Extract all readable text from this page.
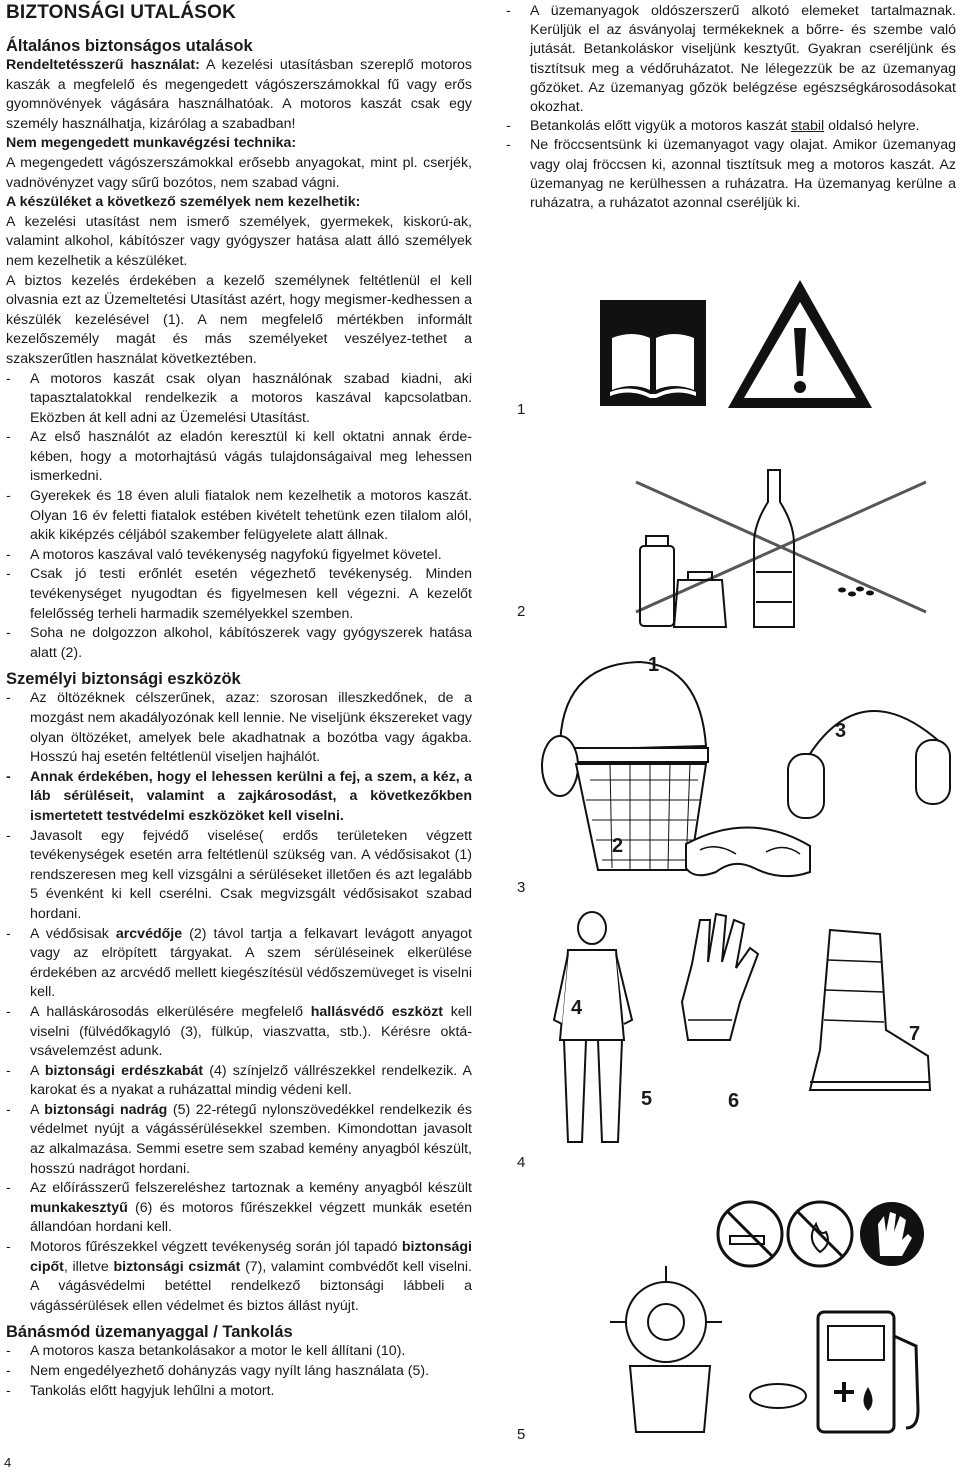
BIZTONSÁGI UTALÁSOK
Általános biztonságos utalások

Rendeltetésszerű használat: A kezelési utasításban szereplő motoros kaszák a megfelelő és megengedett vágószerszámokkal fű vagy erős gyomnövények vágására használhatóak. A motoros kaszát csak egy személy használhatja, kizárólag a szabadban!

Nem megengedett munkavégzési technika:

A megengedett vágószerszámokkal erősebb anyagokat, mint pl. cserjék, vadnövényzet vagy sűrű bozótos, nem szabad vágni.

A készüléket a következő személyek nem kezelhetik:

A kezelési utasítást nem ismerő személyek, gyermekek, kiskorú-ak, valamint alkohol, kábítószer vagy gyógyszer hatása alatt álló személyek nem kezelhetik a készüléket.

A biztos kezelés érdekében a kezelő személynek feltétlenül el kell olvasnia ezt az Üzemeltetési Utasítást azért, hogy megismer-kedhessen a készülék kezelésével (1). A nem megfelelő mértékben informált kezelőszemély magát és más személyeket veszélyez-tethet a szakszerűtlen használat következtében.

- A motoros kaszát csak olyan használónak szabad kiadni, aki tapasztalatokkal rendelkezik a motoros kaszával kapcsolatban. Eközben át kell adni az Üzemelési Utasítást.
- Az első használót az eladón keresztül ki kell oktatni annak érde-kében, hogy a motorhajtású vágás tulajdonságaival meg lehessen ismerkedni.
- Gyerekek és 18 éven aluli fiatalok nem kezelhetik a motoros kaszát. Olyan 16 év feletti fiatalok estében kivételt tehetünk ezen tilalom alól, akik kiképzés céljából szakember felügyelete alatt állnak.
- A motoros kaszával való tevékenység nagyfokú figyelmet követel.
- Csak jó testi erőnlét esetén végezhető tevékenység. Minden tevékenységet nyugodtan és figyelmesen kell végezni. A kezelőt felelősség terheli harmadik személyekkel szemben.
- Soha ne dolgozzon alkohol, kábítószerek vagy gyógyszerek hatása alatt (2).
Személyi biztonsági eszközök
- Az öltözéknek célszerűnek, azaz: szorosan illeszkedőnek, de a mozgást nem akadályozónak kell lennie. Ne viseljünk ékszereket vagy olyan öltözéket, amelyek bele akadhatnak a bozótba vagy ágakba. Hosszú haj esetén feltétlenül viseljen hajhálót.
- Annak érdekében, hogy el lehessen kerülni a fej, a szem, a kéz, a láb sérüléseit, valamint a zajkárosodást, a következőkben ismertetett testvédelmi eszközöket kell viselni.
- Javasolt egy fejvédő viselése( erdős területeken végzett tevékenységek esetén arra feltétlenül szükség van. A védősisakot (1) rendszeresen meg kell vizsgálni a sérüléseket illetően és azt legalább 5 évenként ki kell cserélni. Csak megvizsgált védősisakot szabad hordani.
- A védősisak arcvédője (2) távol tartja a felkavart levágott anyagot vagy az elröpített tárgyakat. A szem sérüléseinek elkerülése érdekében az arcvédő mellett kiegészítésül védőszemüveget is viselni kell.
- A halláskárosodás elkerülésére megfelelő hallásvédő eszközt kell viselni (fülvédőkagyló (3), fülkúp, viaszvatta, stb.). Kérésre oktá-vsávelemzést adunk.
- A biztonsági erdészkabát (4) színjelző vállrészekkel rendelkezik. A karokat és a nyakat a ruházattal mindig védeni kell.
- A biztonsági nadrág (5) 22-rétegű nylonszövedékkel rendelkezik és védelmet nyújt a vágássérülésekkel szemben. Kimondottan javasolt az alkalmazása. Semmi esetre sem szabad kemény anyagból készült, hosszú nadrágot hordani.
- Az előírásszerű felszereléshez tartoznak a kemény anyagból készült munkakesztyű (6) és motoros fűrészekkel végzett munkák esetén állandóan hordani kell.
- Motoros fűrészekkel végzett tevékenység során jól tapadó biztonsági cipőt, illetve biztonsági csizmát (7), valamint combvédőt kell viselni. A vágásvédelmi betéttel rendelkező biztonsági lábbeli a vágássérülések ellen védelmet és biztos állást nyújt.
Bánásmód üzemanyaggal / Tankolás
- A motoros kasza betankolásakor a motor le kell állítani (10).
- Nem engedélyezhető dohányzás vagy nyílt láng használata (5).
- Tankolás előtt hagyjuk lehűlni a motort.
4
- A üzemanyagok oldószerszerű alkotó elemeket tartalmaznak. Kerüljük el az ásványolaj termékeknek a bőrre- és szembe való jutását. Betankoláskor viseljünk kesztyűt. Gyakran cseréljünk és tisztítsuk meg a védőruházatot. Ne lélegezzük be az üzemanyag gőzöket. Az üzemanyag gőzök belégzése egészségkárosodásokat okozhat.
- Betankolás előtt vigyük a motoros kaszát stabil oldalsó helyre.
- Ne fröccsentsünk ki üzemanyagot vagy olajat. Amikor üzemanyag vagy olaj fröccsen ki, azonnal tisztítsuk meg a motoros kaszát. Az üzemanyag ne kerülhessen a ruházatra. Ha üzemanyag kerülne a ruházatra, a ruházatot azonnal cseréljük ki.
1
2
3
1
2
3
4
4
5	6
7
5
